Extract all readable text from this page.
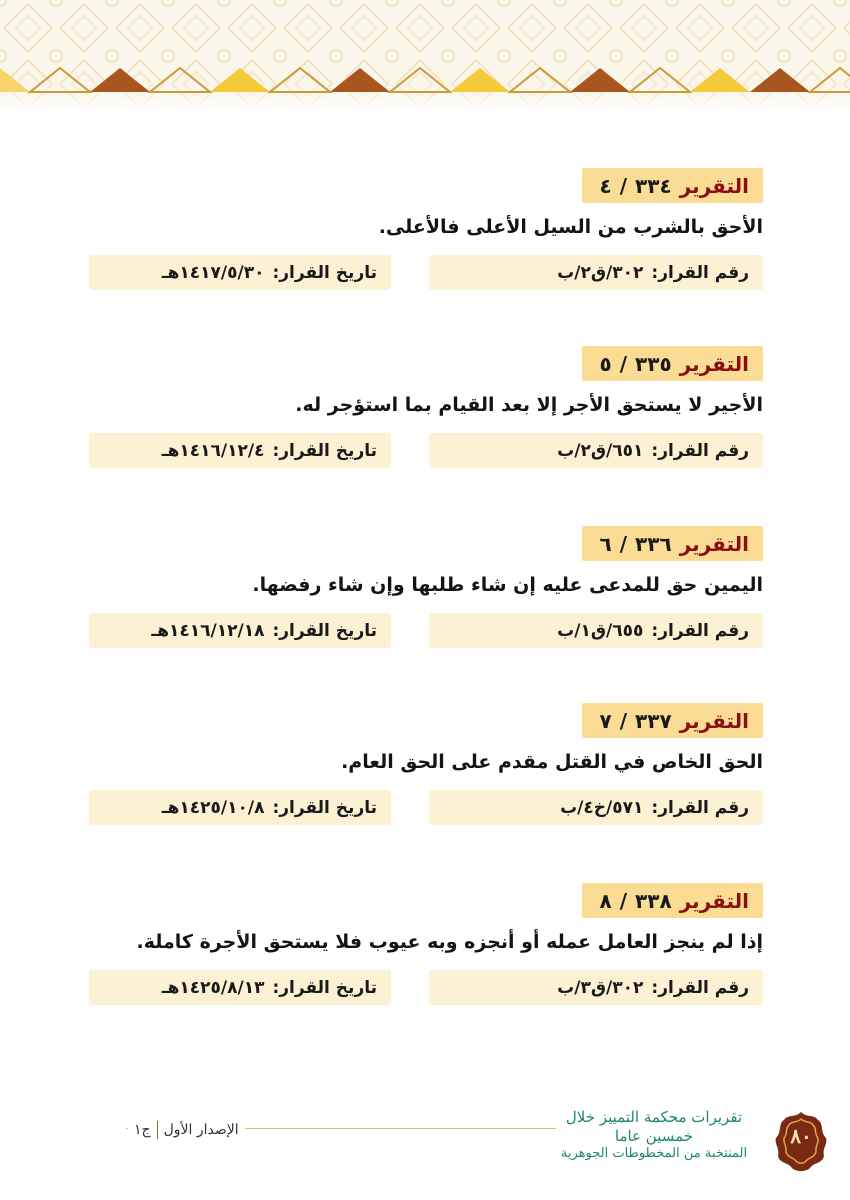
التقرير
٣٣٤
/
٤
الأحق بالشرب من السيل الأعلى فالأعلى.
رقم القرار:
٣٠٢/ق٢/ب
تاريخ القرار:
١٤١٧/٥/٣٠هـ
التقرير
٣٣٥
/
٥
الأجير لا يستحق الأجر إلا بعد القيام بما استؤجر له.
رقم القرار:
٦٥١/ق٢/ب
تاريخ القرار:
١٤١٦/١٢/٤هـ
التقرير
٣٣٦
/
٦
اليمين حق للمدعى عليه إن شاء طلبها وإن شاء رفضها.
رقم القرار:
٦٥٥/ق١/ب
تاريخ القرار:
١٤١٦/١٢/١٨هـ
التقرير
٣٣٧
/
٧
الحق الخاص في القتل مقدم على الحق العام.
رقم القرار:
٥٧١/خ٤/ب
تاريخ القرار:
١٤٢٥/١٠/٨هـ
التقرير
٣٣٨
/
٨
إذا لم ينجز العامل عمله أو أنجزه وبه عيوب فلا يستحق الأجرة كاملة.
رقم القرار:
٣٠٢/ق٣/ب
تاريخ القرار:
١٤٢٥/٨/١٣هـ
الإصدار الأول
ج١
تقريرات محكمة التمييز خلال خمسين عاما
المنتخبة من المخطوطات الجوهرية
٨٠
